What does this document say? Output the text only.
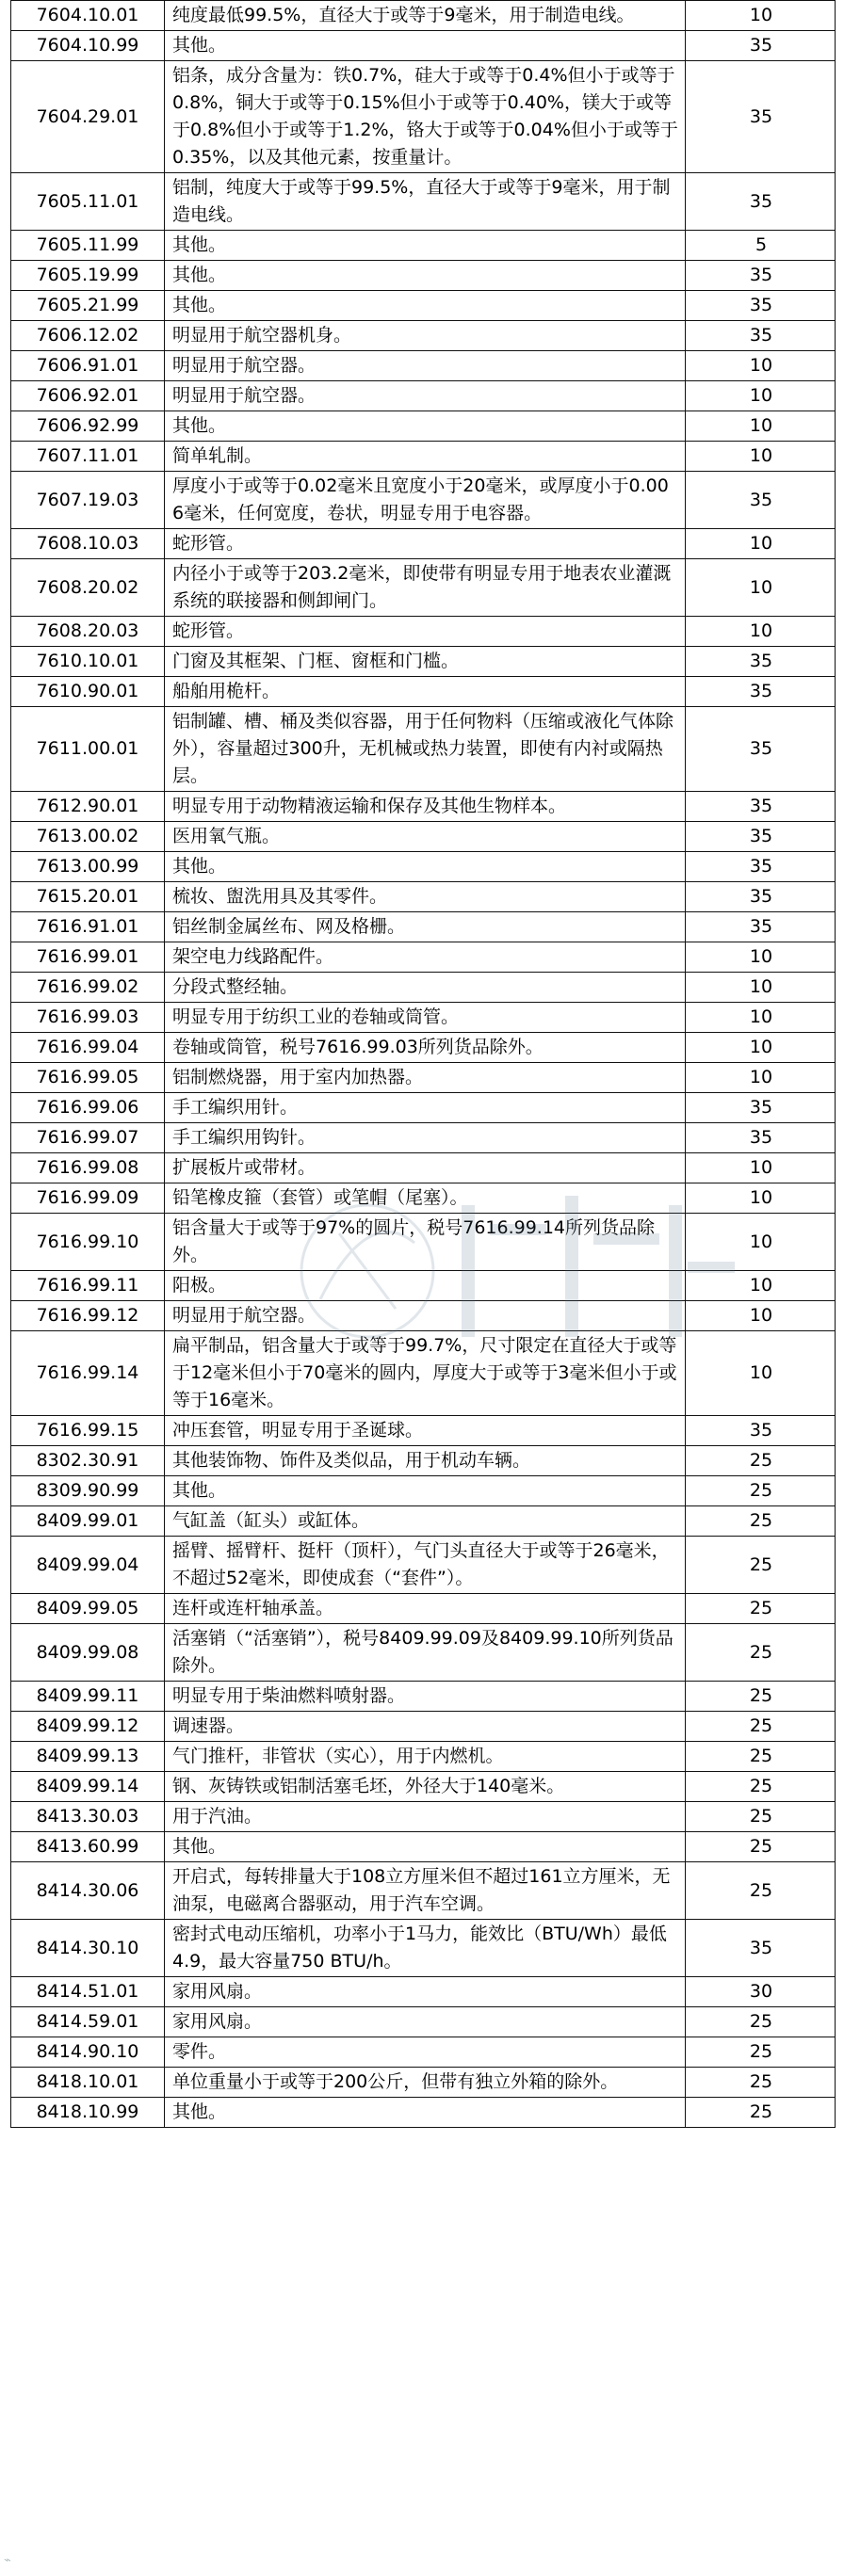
7604.10.01	纯度最低99.5%，直径大于或等于9毫米，用于制造电线。	10
7604.10.99	其他。	35
7604.29.01	铝条，成分含量为：铁0.7%，硅大于或等于0.4%但小于或等于0.8%，铜大于或等于0.15%但小于或等于0.40%，镁大于或等于0.8%但小于或等于1.2%，铬大于或等于0.04%但小于或等于0.35%，以及其他元素，按重量计。	35
7605.11.01	铝制，纯度大于或等于99.5%，直径大于或等于9毫米，用于制造电线。	35
7605.11.99	其他。	5
7605.19.99	其他。	35
7605.21.99	其他。	35
7606.12.02	明显用于航空器机身。	35
7606.91.01	明显用于航空器。	10
7606.92.01	明显用于航空器。	10
7606.92.99	其他。	10
7607.11.01	简单轧制。	10
7607.19.03	厚度小于或等于0.02毫米且宽度小于20毫米，或厚度小于0.006毫米，任何宽度，卷状，明显专用于电容器。	35
7608.10.03	蛇形管。	10
7608.20.02	内径小于或等于203.2毫米，即使带有明显专用于地表农业灌溉系统的联接器和侧卸闸门。	10
7608.20.03	蛇形管。	10
7610.10.01	门窗及其框架、门框、窗框和门槛。	35
7610.90.01	船舶用桅杆。	35
7611.00.01	铝制罐、槽、桶及类似容器，用于任何物料（压缩或液化气体除外），容量超过300升，无机械或热力装置，即使有内衬或隔热层。	35
7612.90.01	明显专用于动物精液运输和保存及其他生物样本。	35
7613.00.02	医用氧气瓶。	35
7613.00.99	其他。	35
7615.20.01	梳妆、盥洗用具及其零件。	35
7616.91.01	铝丝制金属丝布、网及格栅。	35
7616.99.01	架空电力线路配件。	10
7616.99.02	分段式整经轴。	10
7616.99.03	明显专用于纺织工业的卷轴或筒管。	10
7616.99.04	卷轴或筒管，税号7616.99.03所列货品除外。	10
7616.99.05	铝制燃烧器，用于室内加热器。	10
7616.99.06	手工编织用针。	35
7616.99.07	手工编织用钩针。	35
7616.99.08	扩展板片或带材。	10
7616.99.09	铅笔橡皮箍（套管）或笔帽（尾塞）。	10
7616.99.10	铝含量大于或等于97%的圆片，税号7616.99.14所列货品除外。	10
7616.99.11	阳极。	10
7616.99.12	明显用于航空器。	10
7616.99.14	扁平制品，铝含量大于或等于99.7%，尺寸限定在直径大于或等于12毫米但小于70毫米的圆内，厚度大于或等于3毫米但小于或等于16毫米。	10
7616.99.15	冲压套管，明显专用于圣诞球。	35
8302.30.91	其他装饰物、饰件及类似品，用于机动车辆。	25
8309.90.99	其他。	25
8409.99.01	气缸盖（缸头）或缸体。	25
8409.99.04	摇臂、摇臂杆、挺杆（顶杆），气门头直径大于或等于26毫米，不超过52毫米，即使成套（“套件”）。	25
8409.99.05	连杆或连杆轴承盖。	25
8409.99.08	活塞销（“活塞销”），税号8409.99.09及8409.99.10所列货品除外。	25
8409.99.11	明显专用于柴油燃料喷射器。	25
8409.99.12	调速器。	25
8409.99.13	气门推杆，非管状（实心），用于内燃机。	25
8409.99.14	钢、灰铸铁或铝制活塞毛坯，外径大于140毫米。	25
8413.30.03	用于汽油。	25
8413.60.99	其他。	25
8414.30.06	开启式，每转排量大于108立方厘米但不超过161立方厘米，无油泵，电磁离合器驱动，用于汽车空调。	25
8414.30.10	密封式电动压缩机，功率小于1马力，能效比（BTU/Wh）最低4.9，最大容量750 BTU/h。	35
8414.51.01	家用风扇。	30
8414.59.01	家用风扇。	25
8414.90.10	零件。	25
8418.10.01	单位重量小于或等于200公斤，但带有独立外箱的除外。	25
8418.10.99	其他。	25
⌁
